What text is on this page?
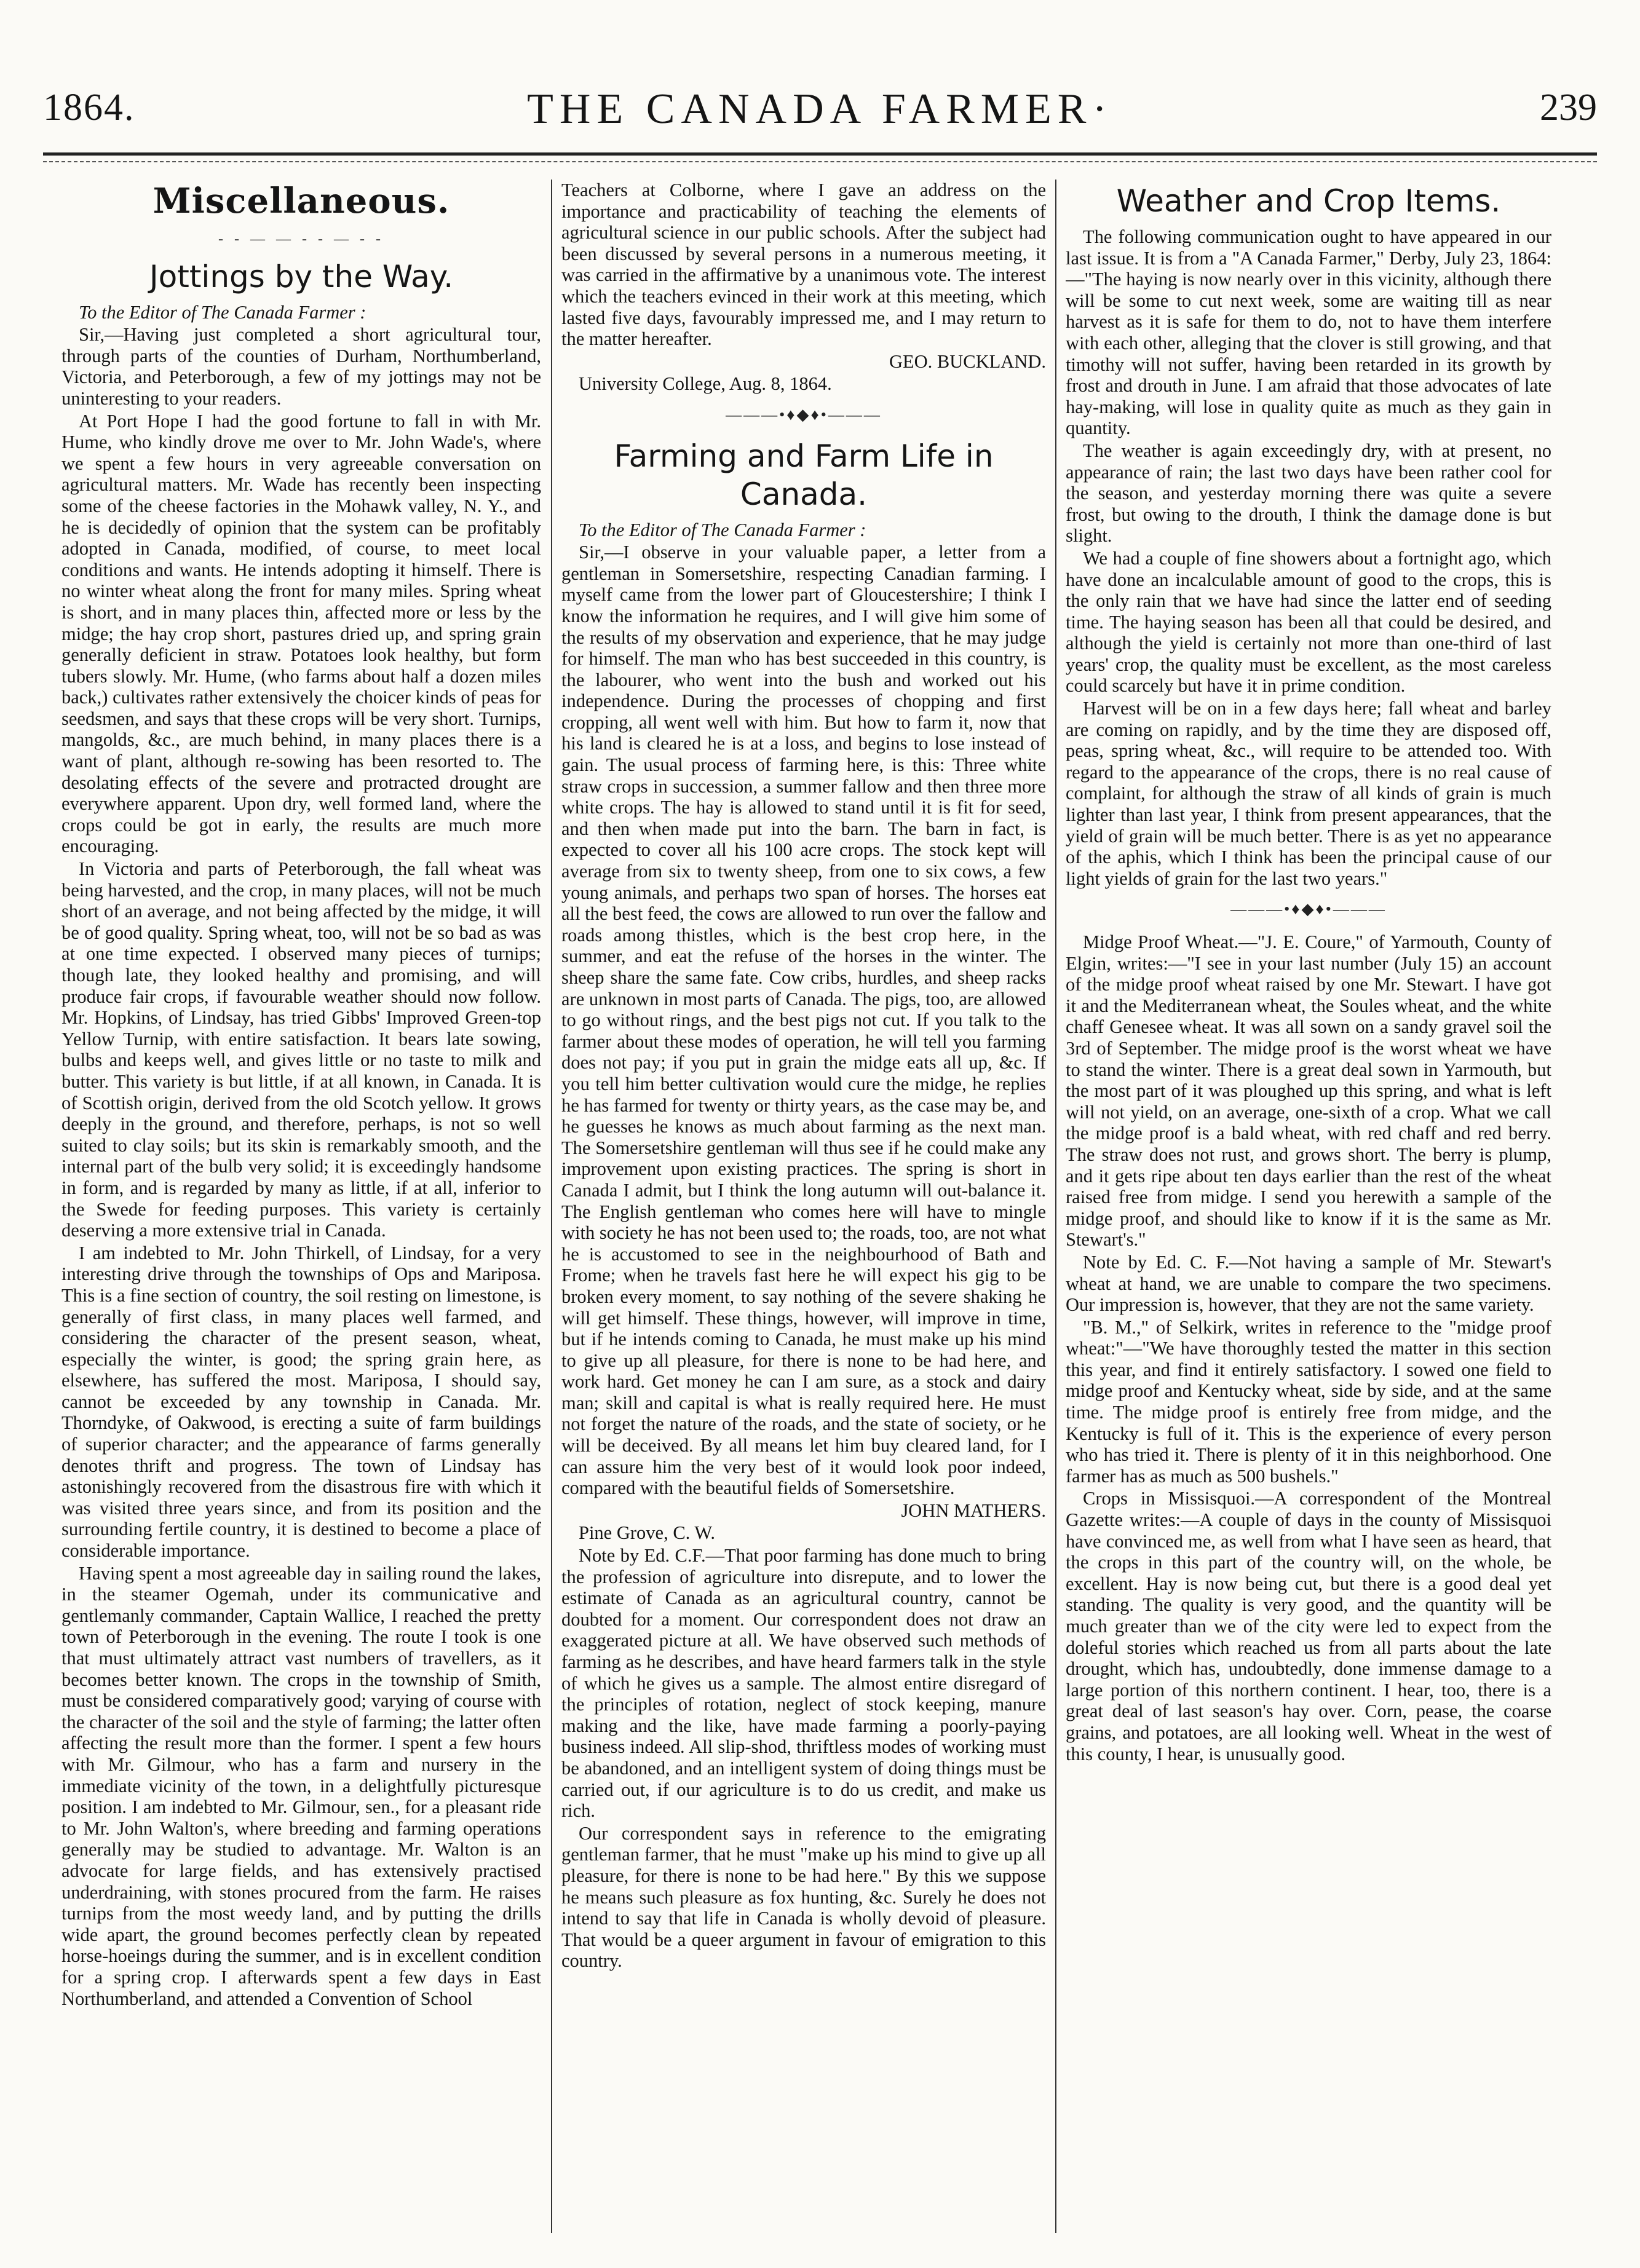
1864.	THE CANADA FARMER·	239
Miscellaneous.
- - — — - - — - -
Jottings by the Way.

To the Editor of The Canada Farmer :

Sir,—Having just completed a short agricultural tour, through parts of the counties of Durham, Northumberland, Victoria, and Peterborough, a few of my jottings may not be uninteresting to your readers.

At Port Hope I had the good fortune to fall in with Mr. Hume, who kindly drove me over to Mr. John Wade's, where we spent a few hours in very agreeable conversation on agricultural matters. Mr. Wade has recently been inspecting some of the cheese factories in the Mohawk valley, N. Y., and he is decidedly of opinion that the system can be profitably adopted in Canada, modified, of course, to meet local conditions and wants. He intends adopting it himself. There is no winter wheat along the front for many miles. Spring wheat is short, and in many places thin, affected more or less by the midge; the hay crop short, pastures dried up, and spring grain generally deficient in straw. Potatoes look healthy, but form tubers slowly. Mr. Hume, (who farms about half a dozen miles back,) cultivates rather extensively the choicer kinds of peas for seedsmen, and says that these crops will be very short. Turnips, mangolds, &c., are much behind, in many places there is a want of plant, although re-sowing has been resorted to. The desolating effects of the severe and protracted drought are everywhere apparent. Upon dry, well formed land, where the crops could be got in early, the results are much more encouraging.

In Victoria and parts of Peterborough, the fall wheat was being harvested, and the crop, in many places, will not be much short of an average, and not being affected by the midge, it will be of good quality. Spring wheat, too, will not be so bad as was at one time expected. I observed many pieces of turnips; though late, they looked healthy and promising, and will produce fair crops, if favourable weather should now follow. Mr. Hopkins, of Lindsay, has tried Gibbs' Improved Green-top Yellow Turnip, with entire satisfaction. It bears late sowing, bulbs and keeps well, and gives little or no taste to milk and butter. This variety is but little, if at all known, in Canada. It is of Scottish origin, derived from the old Scotch yellow. It grows deeply in the ground, and therefore, perhaps, is not so well suited to clay soils; but its skin is remarkably smooth, and the internal part of the bulb very solid; it is exceedingly handsome in form, and is regarded by many as little, if at all, inferior to the Swede for feeding purposes. This variety is certainly deserving a more extensive trial in Canada.

I am indebted to Mr. John Thirkell, of Lindsay, for a very interesting drive through the townships of Ops and Mariposa. This is a fine section of country, the soil resting on limestone, is generally of first class, in many places well farmed, and considering the character of the present season, wheat, especially the winter, is good; the spring grain here, as elsewhere, has suffered the most. Mariposa, I should say, cannot be exceeded by any township in Canada. Mr. Thorndyke, of Oakwood, is erecting a suite of farm buildings of superior character; and the appearance of farms generally denotes thrift and progress. The town of Lindsay has astonishingly recovered from the disastrous fire with which it was visited three years since, and from its position and the surrounding fertile country, it is destined to become a place of considerable importance.

Having spent a most agreeable day in sailing round the lakes, in the steamer Ogemah, under its communicative and gentlemanly commander, Captain Wallice, I reached the pretty town of Peterborough in the evening. The route I took is one that must ultimately attract vast numbers of travellers, as it becomes better known. The crops in the township of Smith, must be considered comparatively good; varying of course with the character of the soil and the style of farming; the latter often affecting the result more than the former. I spent a few hours with Mr. Gilmour, who has a farm and nursery in the immediate vicinity of the town, in a delightfully picturesque position. I am indebted to Mr. Gilmour, sen., for a pleasant ride to Mr. John Walton's, where breeding and farming operations generally may be studied to advantage. Mr. Walton is an advocate for large fields, and has extensively practised underdraining, with stones procured from the farm. He raises turnips from the most weedy land, and by putting the drills wide apart, the ground becomes perfectly clean by repeated horse-hoeings during the summer, and is in excellent condition for a spring crop. I afterwards spent a few days in East Northumberland, and attended a Convention of School

Teachers at Colborne, where I gave an address on the importance and practicability of teaching the elements of agricultural science in our public schools. After the subject had been discussed by several persons in a numerous meeting, it was carried in the affirmative by a unanimous vote. The interest which the teachers evinced in their work at this meeting, which lasted five days, favourably impressed me, and I may return to the matter hereafter.

GEO. BUCKLAND.

University College, Aug. 8, 1864.

———•♦◆♦•———
Farming and Farm Life in Canada.

To the Editor of The Canada Farmer :

Sir,—I observe in your valuable paper, a letter from a gentleman in Somersetshire, respecting Canadian farming. I myself came from the lower part of Gloucestershire; I think I know the information he requires, and I will give him some of the results of my observation and experience, that he may judge for himself. The man who has best succeeded in this country, is the labourer, who went into the bush and worked out his independence. During the processes of chopping and first cropping, all went well with him. But how to farm it, now that his land is cleared he is at a loss, and begins to lose instead of gain. The usual process of farming here, is this: Three white straw crops in succession, a summer fallow and then three more white crops. The hay is allowed to stand until it is fit for seed, and then when made put into the barn. The barn in fact, is expected to cover all his 100 acre crops. The stock kept will average from six to twenty sheep, from one to six cows, a few young animals, and perhaps two span of horses. The horses eat all the best feed, the cows are allowed to run over the fallow and roads among thistles, which is the best crop here, in the summer, and eat the refuse of the horses in the winter. The sheep share the same fate. Cow cribs, hurdles, and sheep racks are unknown in most parts of Canada. The pigs, too, are allowed to go without rings, and the best pigs not cut. If you talk to the farmer about these modes of operation, he will tell you farming does not pay; if you put in grain the midge eats all up, &c. If you tell him better cultivation would cure the midge, he replies he has farmed for twenty or thirty years, as the case may be, and he guesses he knows as much about farming as the next man. The Somersetshire gentleman will thus see if he could make any improvement upon existing practices. The spring is short in Canada I admit, but I think the long autumn will out-balance it. The English gentleman who comes here will have to mingle with society he has not been used to; the roads, too, are not what he is accustomed to see in the neighbourhood of Bath and Frome; when he travels fast here he will expect his gig to be broken every moment, to say nothing of the severe shaking he will get himself. These things, however, will improve in time, but if he intends coming to Canada, he must make up his mind to give up all pleasure, for there is none to be had here, and work hard. Get money he can I am sure, as a stock and dairy man; skill and capital is what is really required here. He must not forget the nature of the roads, and the state of society, or he will be deceived. By all means let him buy cleared land, for I can assure him the very best of it would look poor indeed, compared with the beautiful fields of Somersetshire.

JOHN MATHERS.

Pine Grove, C. W.

Note by Ed. C.F.—That poor farming has done much to bring the profession of agriculture into disrepute, and to lower the estimate of Canada as an agricultural country, cannot be doubted for a moment. Our correspondent does not draw an exaggerated picture at all. We have observed such methods of farming as he describes, and have heard farmers talk in the style of which he gives us a sample. The almost entire disregard of the principles of rotation, neglect of stock keeping, manure making and the like, have made farming a poorly-paying business indeed. All slip-shod, thriftless modes of working must be abandoned, and an intelligent system of doing things must be carried out, if our agriculture is to do us credit, and make us rich.

Our correspondent says in reference to the emigrating gentleman farmer, that he must "make up his mind to give up all pleasure, for there is none to be had here." By this we suppose he means such pleasure as fox hunting, &c. Surely he does not intend to say that life in Canada is wholly devoid of pleasure. That would be a queer argument in favour of emigration to this country.

Weather and Crop Items.

The following communication ought to have appeared in our last issue. It is from a "A Canada Farmer," Derby, July 23, 1864:—"The haying is now nearly over in this vicinity, although there will be some to cut next week, some are waiting till as near harvest as it is safe for them to do, not to have them interfere with each other, alleging that the clover is still growing, and that timothy will not suffer, having been retarded in its growth by frost and drouth in June. I am afraid that those advocates of late hay-making, will lose in quality quite as much as they gain in quantity.

The weather is again exceedingly dry, with at present, no appearance of rain; the last two days have been rather cool for the season, and yesterday morning there was quite a severe frost, but owing to the drouth, I think the damage done is but slight.

We had a couple of fine showers about a fortnight ago, which have done an incalculable amount of good to the crops, this is the only rain that we have had since the latter end of seeding time. The haying season has been all that could be desired, and although the yield is certainly not more than one-third of last years' crop, the quality must be excellent, as the most careless could scarcely but have it in prime condition.

Harvest will be on in a few days here; fall wheat and barley are coming on rapidly, and by the time they are disposed off, peas, spring wheat, &c., will require to be attended too. With regard to the appearance of the crops, there is no real cause of complaint, for although the straw of all kinds of grain is much lighter than last year, I think from present appearances, that the yield of grain will be much better. There is as yet no appearance of the aphis, which I think has been the principal cause of our light yields of grain for the last two years."

———•♦◆♦•———

Midge Proof Wheat.—"J. E. Coure," of Yarmouth, County of Elgin, writes:—"I see in your last number (July 15) an account of the midge proof wheat raised by one Mr. Stewart. I have got it and the Mediterranean wheat, the Soules wheat, and the white chaff Genesee wheat. It was all sown on a sandy gravel soil the 3rd of September. The midge proof is the worst wheat we have to stand the winter. There is a great deal sown in Yarmouth, but the most part of it was ploughed up this spring, and what is left will not yield, on an average, one-sixth of a crop. What we call the midge proof is a bald wheat, with red chaff and red berry. The straw does not rust, and grows short. The berry is plump, and it gets ripe about ten days earlier than the rest of the wheat raised free from midge. I send you herewith a sample of the midge proof, and should like to know if it is the same as Mr. Stewart's."

Note by Ed. C. F.—Not having a sample of Mr. Stewart's wheat at hand, we are unable to compare the two specimens. Our impression is, however, that they are not the same variety.

"B. M.," of Selkirk, writes in reference to the "midge proof wheat:"—"We have thoroughly tested the matter in this section this year, and find it entirely satisfactory. I sowed one field to midge proof and Kentucky wheat, side by side, and at the same time. The midge proof is entirely free from midge, and the Kentucky is full of it. This is the experience of every person who has tried it. There is plenty of it in this neighborhood. One farmer has as much as 500 bushels."

Crops in Missisquoi.—A correspondent of the Montreal Gazette writes:—A couple of days in the county of Missisquoi have convinced me, as well from what I have seen as heard, that the crops in this part of the country will, on the whole, be excellent. Hay is now being cut, but there is a good deal yet standing. The quality is very good, and the quantity will be much greater than we of the city were led to expect from the doleful stories which reached us from all parts about the late drought, which has, undoubtedly, done immense damage to a large portion of this northern continent. I hear, too, there is a great deal of last season's hay over. Corn, pease, the coarse grains, and potatoes, are all looking well. Wheat in the west of this county, I hear, is unusually good.
